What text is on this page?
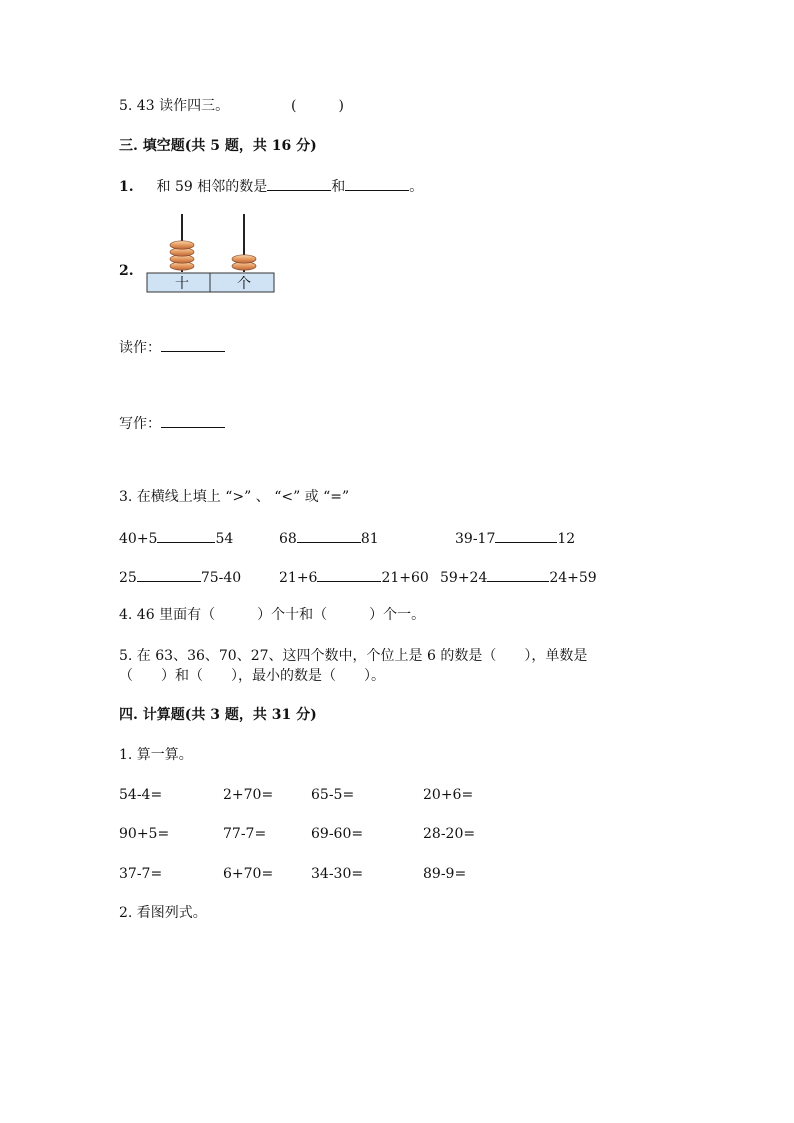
5. 43 读作四三。	(　　　)
三. 填空题(共 5 题，共 16 分)
1. 和 59 相邻的数是	和	。
2.
十	个
读作：
写作：
3. 在横线上填上 “>” 、 “<” 或 “=”
40+5	54	68	81	39-17	12
25	75-40	21+6	21+60 59+24	24+59
4. 46 里面有（　　　）个十和（　　　）个一。
5. 在 63、36、70、27、这四个数中，个位上是 6 的数是（　　），单数是
（　　）和（　　），最小的数是（　　）。
四. 计算题(共 3 题，共 31 分)
1. 算一算。
54-4=	2+70=	65-5=	20+6=
90+5=	77-7=	69-60=	28-20=
37-7=	6+70=	34-30=	89-9=
2. 看图列式。
